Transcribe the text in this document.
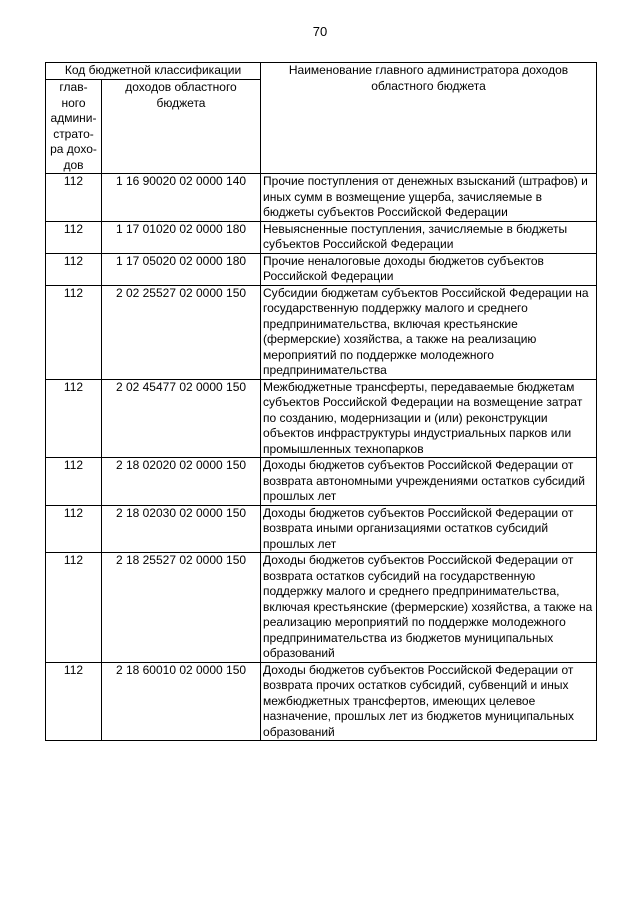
70
Код бюджетной классификации		Наименование главного администратора доходов областного бюджета
глав-ного админи-страто-ра дохо-дов	доходов областного бюджета	
112	1 16 90020 02 0000 140	Прочие поступления от денежных взысканий (штрафов) и иных сумм в возмещение ущерба, зачисляемые в бюджеты субъектов Российской Федерации
112	1 17 01020 02 0000 180	Невыясненные поступления, зачисляемые в бюджеты субъектов Российской Федерации
112	1 17 05020 02 0000 180	Прочие неналоговые доходы бюджетов субъектов Российской Федерации
112	2 02 25527 02 0000 150	Субсидии бюджетам субъектов Российской Федерации на государственную поддержку малого и среднего предпринимательства, включая крестьянские (фермерские) хозяйства, а также на реализацию мероприятий по поддержке молодежного предпринимательства
112	2 02 45477 02 0000 150	Межбюджетные трансферты, передаваемые бюджетам субъектов Российской Федерации на возмещение затрат по созданию, модернизации и (или) реконструкции объектов инфраструктуры индустриальных парков или промышленных технопарков
112	2 18 02020 02 0000 150	Доходы бюджетов субъектов Российской Федерации от возврата автономными учреждениями остатков субсидий прошлых лет
112	2 18 02030 02 0000 150	Доходы бюджетов субъектов Российской Федерации от возврата иными организациями остатков субсидий прошлых лет
112	2 18 25527 02 0000 150	Доходы бюджетов субъектов Российской Федерации от возврата остатков субсидий на государственную поддержку малого и среднего предпринимательства, включая крестьянские (фермерские) хозяйства, а также на реализацию мероприятий по поддержке молодежного предпринимательства из бюджетов муниципальных образований
112	2 18 60010 02 0000 150	Доходы бюджетов субъектов Российской Федерации от возврата прочих остатков субсидий, субвенций и иных межбюджетных трансфертов, имеющих целевое назначение, прошлых лет из бюджетов муниципальных образований
